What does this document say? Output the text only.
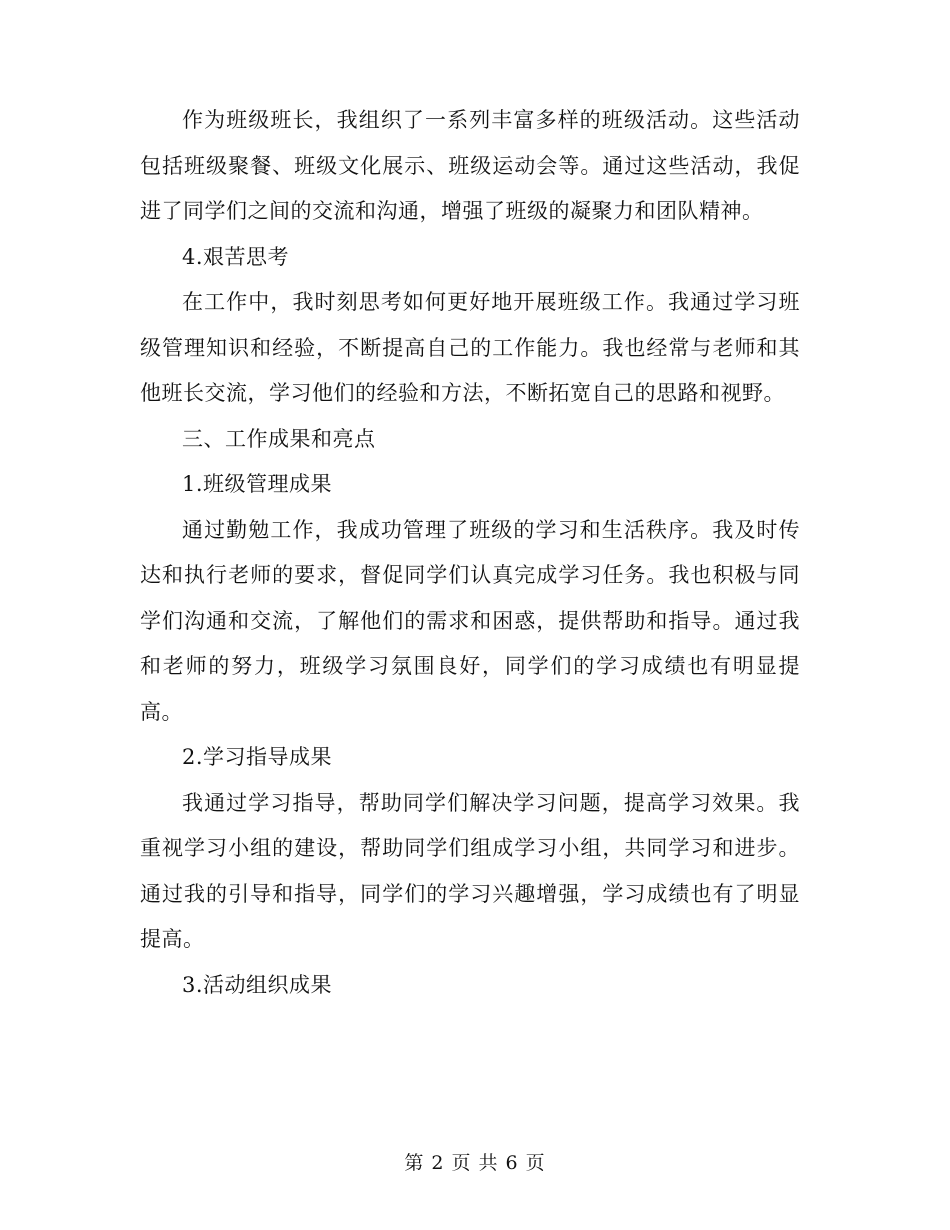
作为班级班长，我组织了一系列丰富多样的班级活动。这些活动包括班级聚餐、班级文化展示、班级运动会等。通过这些活动，我促进了同学们之间的交流和沟通，增强了班级的凝聚力和团队精神。

4.艰苦思考

在工作中，我时刻思考如何更好地开展班级工作。我通过学习班级管理知识和经验，不断提高自己的工作能力。我也经常与老师和其他班长交流，学习他们的经验和方法，不断拓宽自己的思路和视野。

三、工作成果和亮点

1.班级管理成果

通过勤勉工作，我成功管理了班级的学习和生活秩序。我及时传达和执行老师的要求，督促同学们认真完成学习任务。我也积极与同学们沟通和交流，了解他们的需求和困惑，提供帮助和指导。通过我和老师的努力，班级学习氛围良好，同学们的学习成绩也有明显提高。

2.学习指导成果

我通过学习指导，帮助同学们解决学习问题，提高学习效果。我重视学习小组的建设，帮助同学们组成学习小组，共同学习和进步。通过我的引导和指导，同学们的学习兴趣增强，学习成绩也有了明显提高。

3.活动组织成果

第 2 页 共 6 页
